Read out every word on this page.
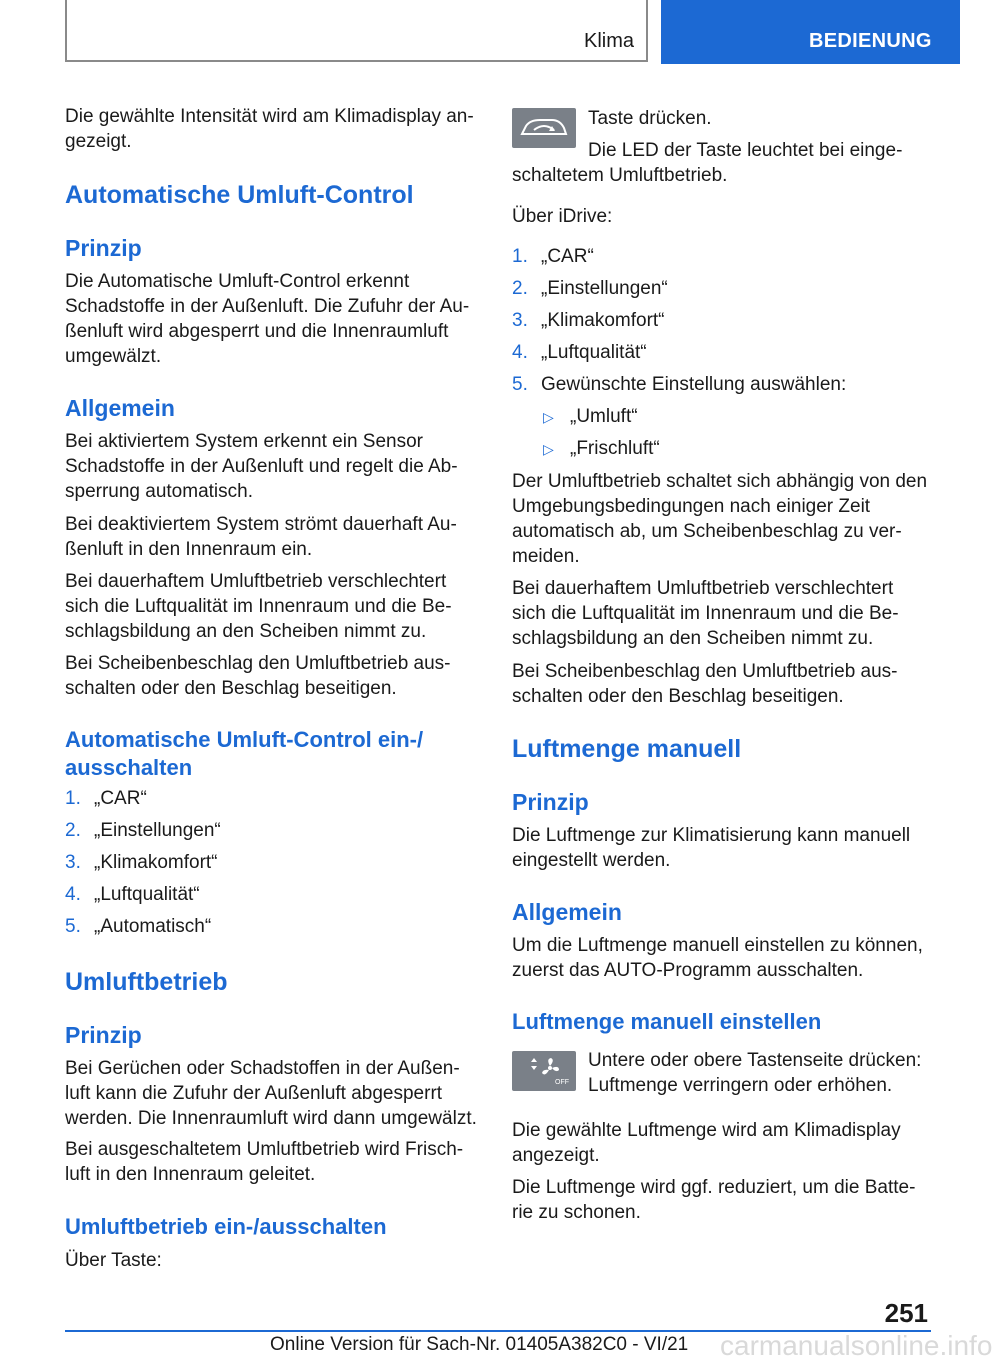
Klima	BEDIENUNG

Die gewählte Intensität wird am Klimadisplay an-gezeigt.

Automatische Umluft-Control
Prinzip

Die Automatische Umluft-Control erkennt Schadstoffe in der Außenluft. Die Zufuhr der Au-ßenluft wird abgesperrt und die Innenraumluft umgewälzt.

Allgemein

Bei aktiviertem System erkennt ein Sensor Schadstoffe in der Außenluft und regelt die Ab-sperrung automatisch.

Bei deaktiviertem System strömt dauerhaft Au-ßenluft in den Innenraum ein.

Bei dauerhaftem Umluftbetrieb verschlechtert sich die Luftqualität im Innenraum und die Be-schlagsbildung an den Scheiben nimmt zu.

Bei Scheibenbeschlag den Umluftbetrieb aus-schalten oder den Beschlag beseitigen.

Automatische Umluft-Control ein-/ ausschalten
1. „CAR“
2. „Einstellungen“
3. „Klimakomfort“
4. „Luftqualität“
5. „Automatisch“
Umluftbetrieb
Prinzip

Bei Gerüchen oder Schadstoffen in der Außen-luft kann die Zufuhr der Außenluft abgesperrt werden. Die Innenraumluft wird dann umgewälzt.

Bei ausgeschaltetem Umluftbetrieb wird Frisch-luft in den Innenraum geleitet.

Umluftbetrieb ein-/ausschalten

Über Taste:

Taste drücken.

Die LED der Taste leuchtet bei einge-schaltetem Umluftbetrieb.

Über iDrive:

1. „CAR“
2. „Einstellungen“
3. „Klimakomfort“
4. „Luftqualität“
5. Gewünschte Einstellung auswählen:
▷ „Umluft“
▷ „Frischluft“

Der Umluftbetrieb schaltet sich abhängig von den Umgebungsbedingungen nach einiger Zeit automatisch ab, um Scheibenbeschlag zu ver-meiden.

Bei dauerhaftem Umluftbetrieb verschlechtert sich die Luftqualität im Innenraum und die Be-schlagsbildung an den Scheiben nimmt zu.

Bei Scheibenbeschlag den Umluftbetrieb aus-schalten oder den Beschlag beseitigen.

Luftmenge manuell
Prinzip

Die Luftmenge zur Klimatisierung kann manuell eingestellt werden.

Allgemein

Um die Luftmenge manuell einstellen zu können, zuerst das AUTO-Programm ausschalten.

Luftmenge manuell einstellen
OFF

Untere oder obere Tastenseite drücken: Luftmenge verringern oder erhöhen.

Die gewählte Luftmenge wird am Klimadisplay angezeigt.

Die Luftmenge wird ggf. reduziert, um die Batte-rie zu schonen.

251
Online Version für Sach-Nr. 01405A382C0 - VI/21 carmanualsonline.info
